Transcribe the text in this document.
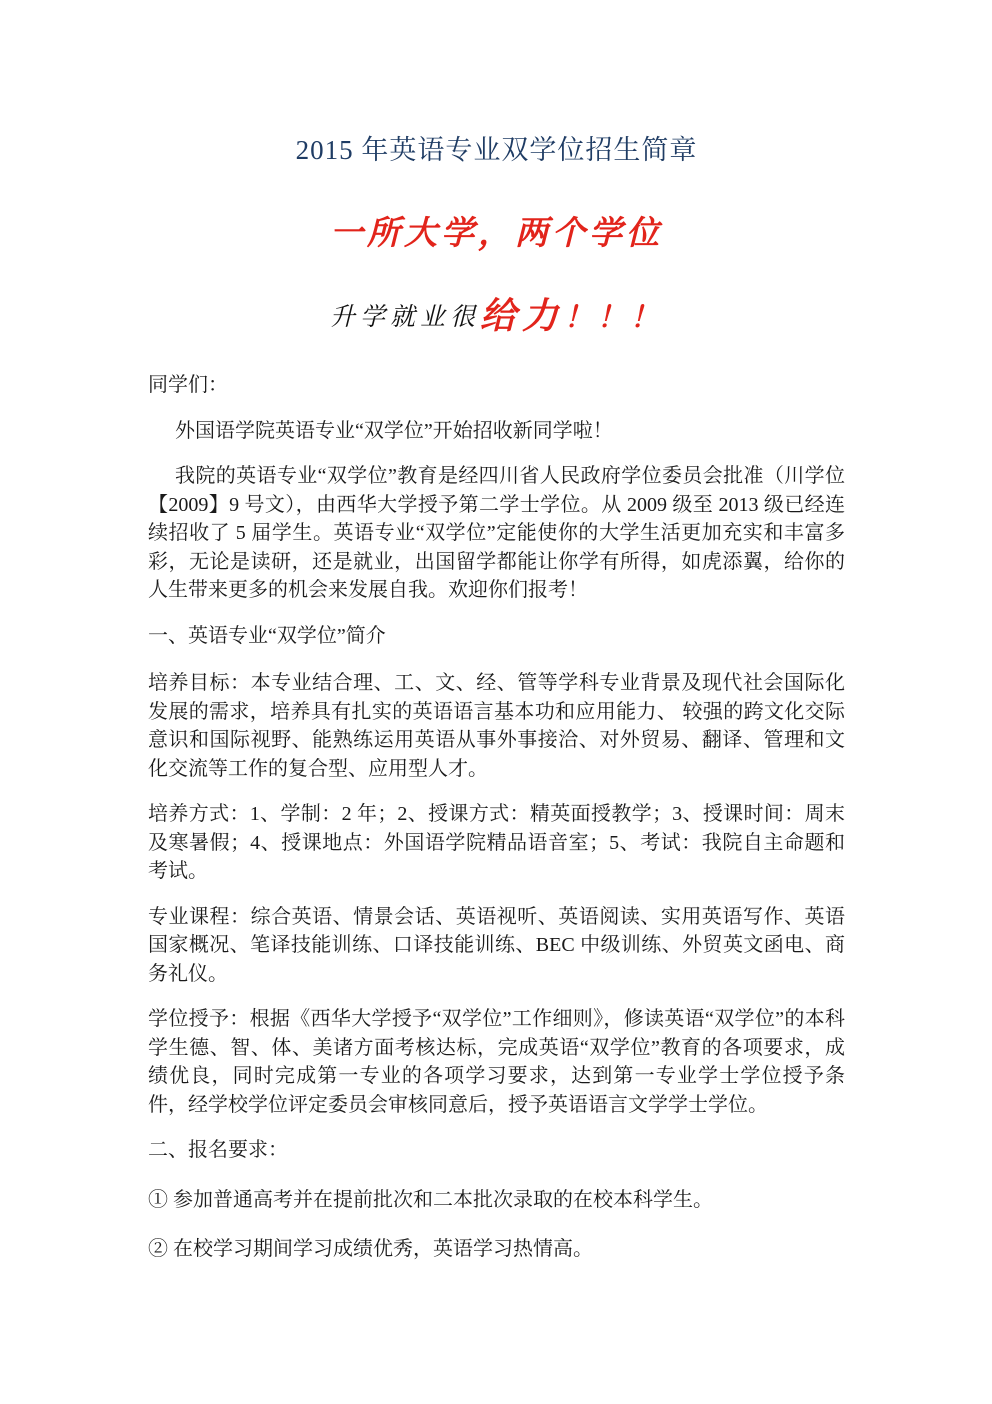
2015 年英语专业双学位招生简章
一所大学，两个学位
升学就业很给力！！！

同学们：

外国语学院英语专业“双学位”开始招收新同学啦！

我院的英语专业“双学位”教育是经四川省人民政府学位委员会批准（川学位【2009】9 号文），由西华大学授予第二学士学位。从 2009 级至 2013 级已经连续招收了 5 届学生。英语专业“双学位”定能使你的大学生活更加充实和丰富多彩，无论是读研，还是就业，出国留学都能让你学有所得，如虎添翼，给你的人生带来更多的机会来发展自我。欢迎你们报考！

一、英语专业“双学位”简介

培养目标：本专业结合理、工、文、经、管等学科专业背景及现代社会国际化发展的需求，培养具有扎实的英语语言基本功和应用能力、 较强的跨文化交际意识和国际视野、能熟练运用英语从事外事接洽、对外贸易、翻译、管理和文化交流等工作的复合型、应用型人才。

培养方式：1、学制：2 年；2、授课方式：精英面授教学；3、授课时间：周末及寒暑假；4、授课地点：外国语学院精品语音室；5、考试：我院自主命题和考试。

专业课程：综合英语、情景会话、英语视听、英语阅读、实用英语写作、英语国家概况、笔译技能训练、口译技能训练、BEC 中级训练、外贸英文函电、商务礼仪。

学位授予：根据《西华大学授予“双学位”工作细则》，修读英语“双学位”的本科学生德、智、体、美诸方面考核达标，完成英语“双学位”教育的各项要求，成绩优良，同时完成第一专业的各项学习要求，达到第一专业学士学位授予条件，经学校学位评定委员会审核同意后，授予英语语言文学学士学位。

二、报名要求：

① 参加普通高考并在提前批次和二本批次录取的在校本科学生。

② 在校学习期间学习成绩优秀，英语学习热情高。
